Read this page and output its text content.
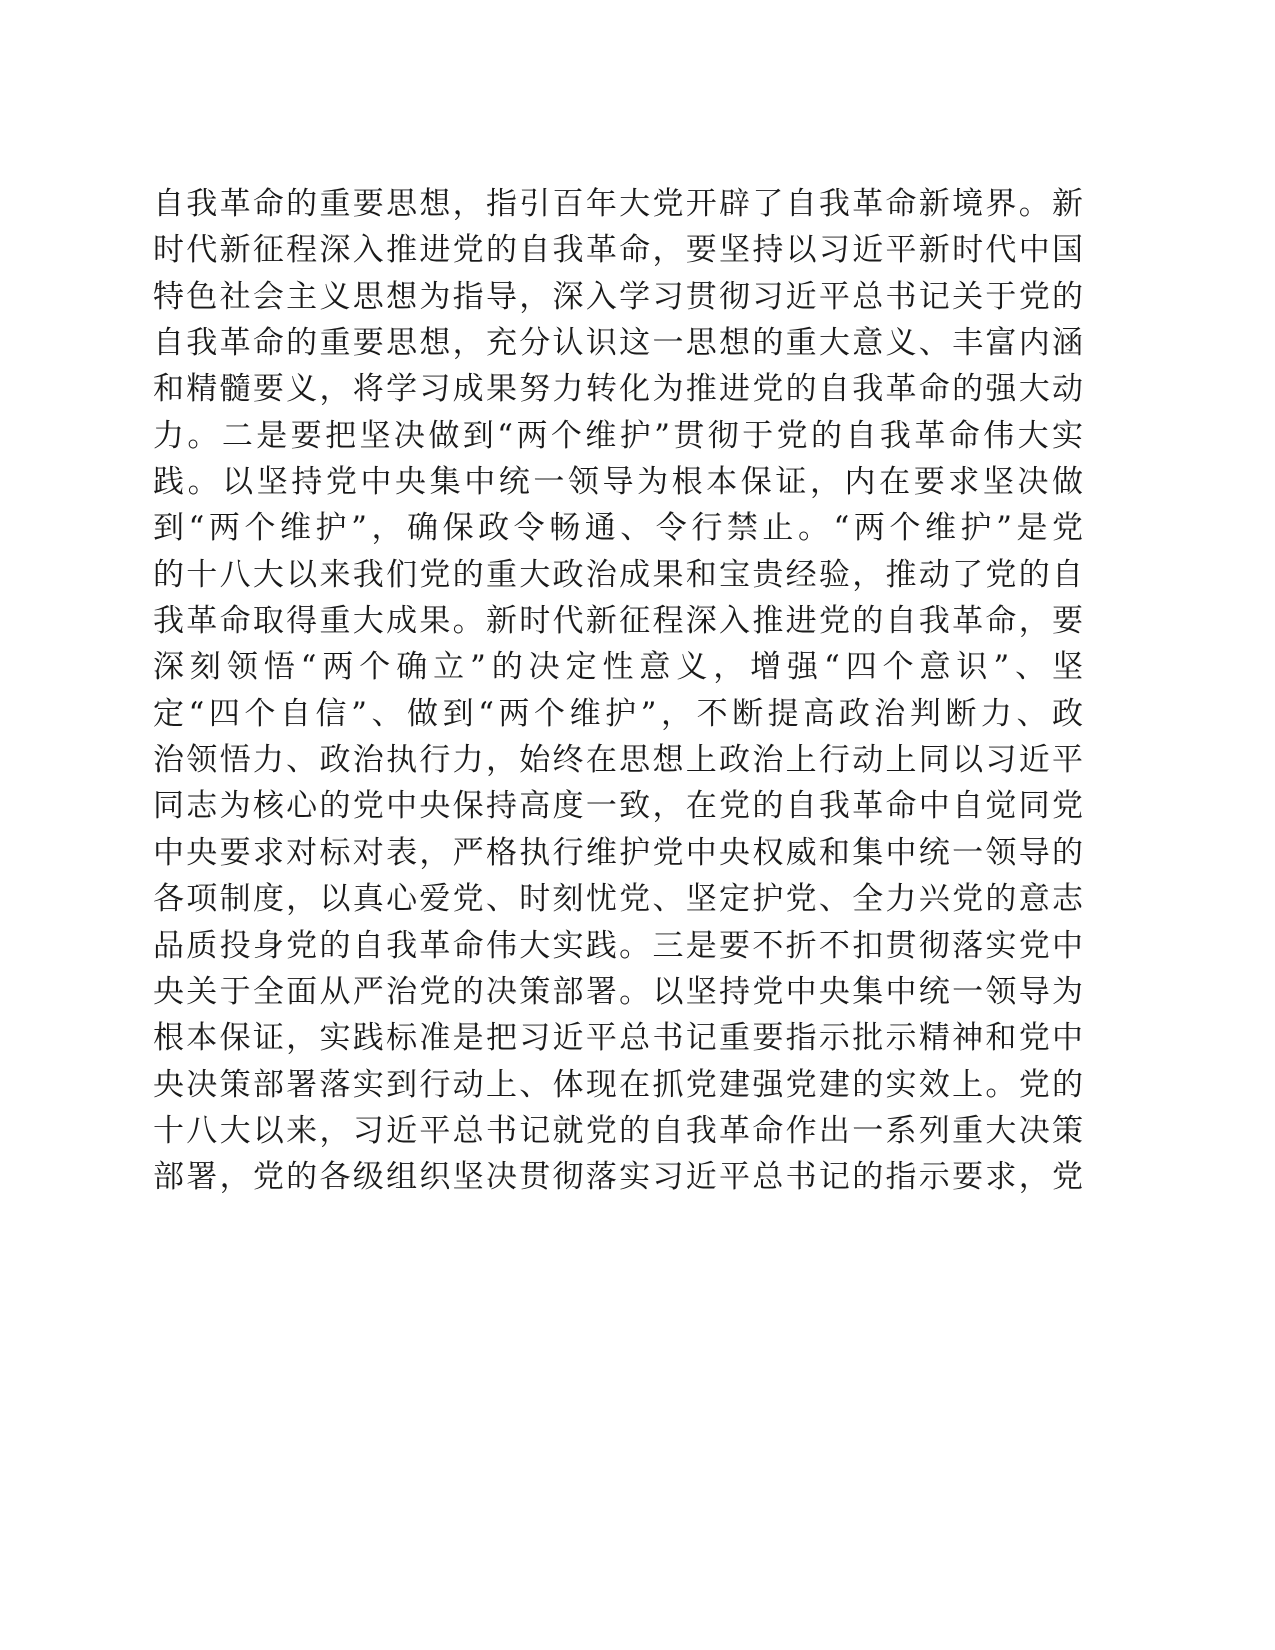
自我革命的重要思想，指引百年大党开辟了自我革命新境界。新
时代新征程深入推进党的自我革命，要坚持以习近平新时代中国
特色社会主义思想为指导，深入学习贯彻习近平总书记关于党的
自我革命的重要思想，充分认识这一思想的重大意义、丰富内涵
和精髓要义，将学习成果努力转化为推进党的自我革命的强大动
力。二是要把坚决做到“两个维护”贯彻于党的自我革命伟大实
践。以坚持党中央集中统一领导为根本保证，内在要求坚决做
到“两个维护”，确保政令畅通、令行禁止。“两个维护”是党
的十八大以来我们党的重大政治成果和宝贵经验，推动了党的自
我革命取得重大成果。新时代新征程深入推进党的自我革命，要
深刻领悟“两个确立”的决定性意义，增强“四个意识”、坚
定“四个自信”、做到“两个维护”，不断提高政治判断力、政
治领悟力、政治执行力，始终在思想上政治上行动上同以习近平
同志为核心的党中央保持高度一致，在党的自我革命中自觉同党
中央要求对标对表，严格执行维护党中央权威和集中统一领导的
各项制度，以真心爱党、时刻忧党、坚定护党、全力兴党的意志
品质投身党的自我革命伟大实践。三是要不折不扣贯彻落实党中
央关于全面从严治党的决策部署。以坚持党中央集中统一领导为
根本保证，实践标准是把习近平总书记重要指示批示精神和党中
央决策部署落实到行动上、体现在抓党建强党建的实效上。党的
十八大以来，习近平总书记就党的自我革命作出一系列重大决策
部署，党的各级组织坚决贯彻落实习近平总书记的指示要求，党
